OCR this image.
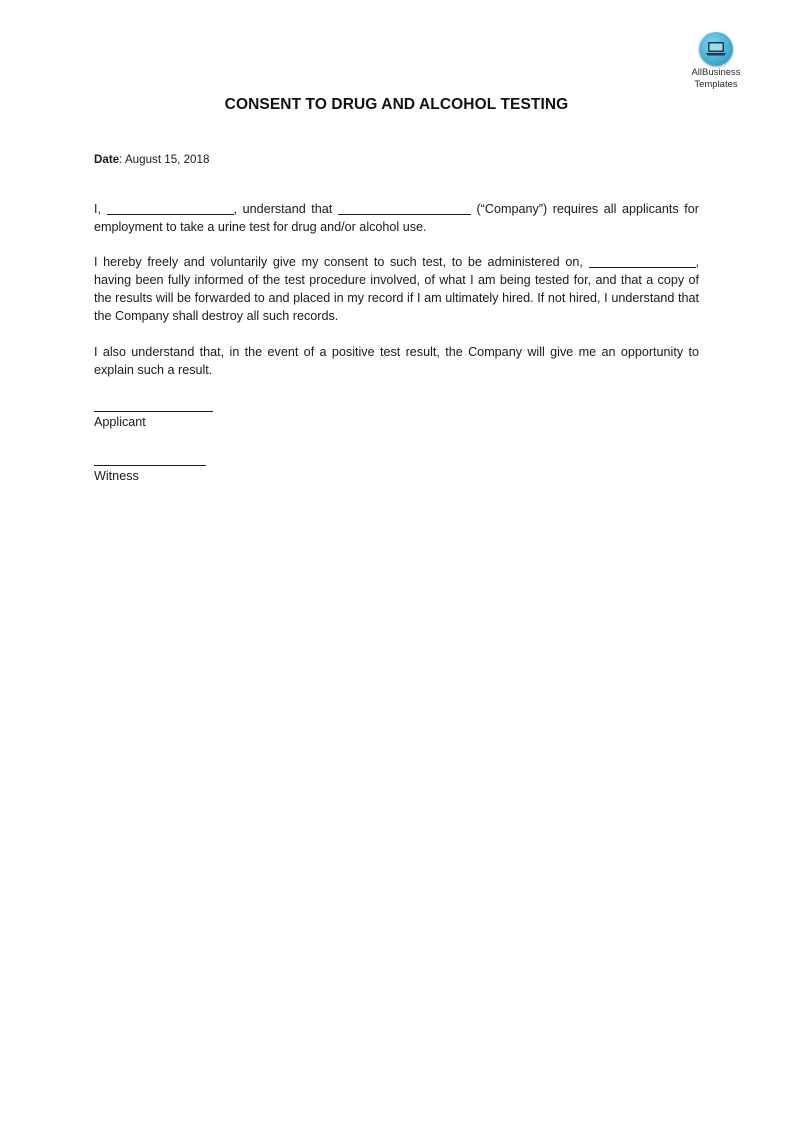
AllBusiness
Templates
CONSENT TO DRUG AND ALCOHOL TESTING
Date: August 15, 2018
I,	, understand that	(“Company”) requires all applicants for employment to take a urine test for drug and/or alcohol use.
I hereby freely and voluntarily give my consent to such test, to be administered on,	, having been fully informed of the test procedure involved, of what I am being tested for, and that a copy of the results will be forwarded to and placed in my record if I am ultimately hired. If not hired, I understand that the Company shall destroy all such records.
I also understand that, in the event of a positive test result, the Company will give me an opportunity to explain such a result.
Applicant
Witness
